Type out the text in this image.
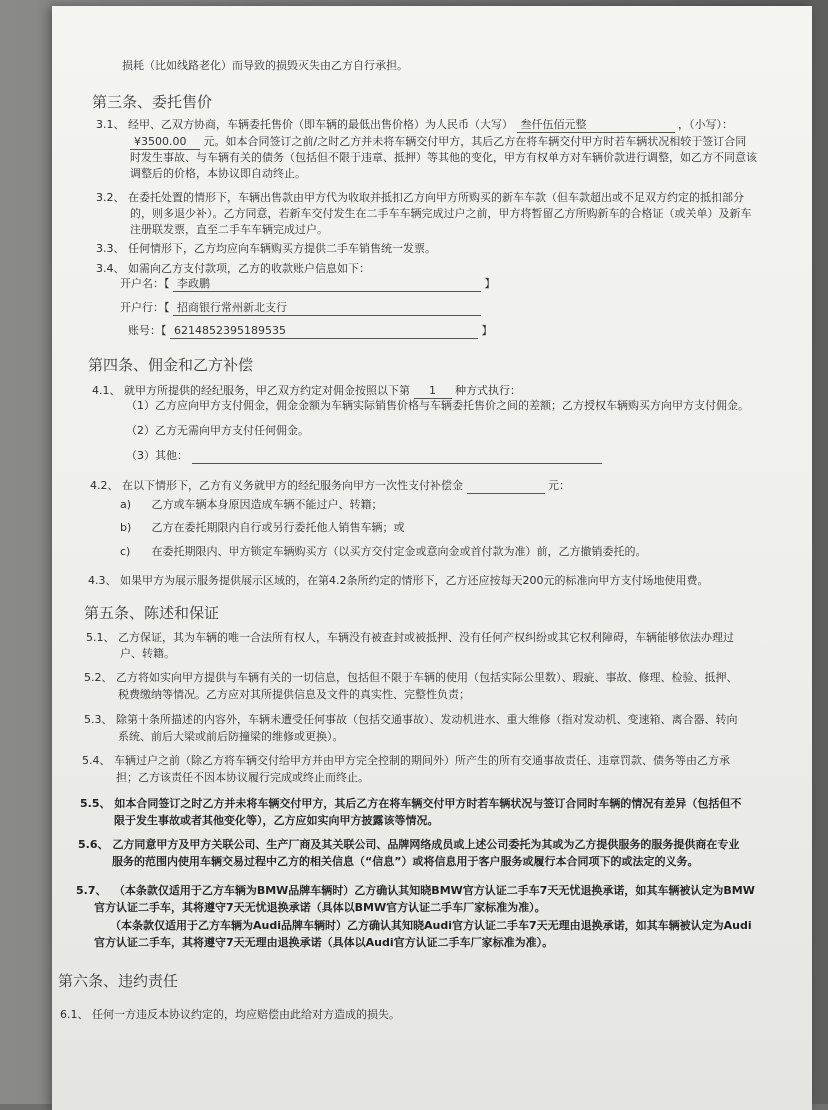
损耗（比如线路老化）而导致的损毁灭失由乙方自行承担。
第三条、委托售价
3.1、 经甲、乙双方协商，车辆委托售价（即车辆的最低出售价格）为人民币（大写） 叁仟伍佰元整	，（小写）：
¥3500.00 元。如本合同签订之前/之时乙方并未将车辆交付甲方，其后乙方在将车辆交付甲方时若车辆状况相较于签订合同
时发生事故、与车辆有关的债务（包括但不限于违章、抵押）等其他的变化，甲方有权单方对车辆价款进行调整，如乙方不同意该
调整后的价格，本协议即自动终止。
3.2、 在委托处置的情形下，车辆出售款由甲方代为收取并抵扣乙方向甲方所购买的新车车款（但车款超出或不足双方约定的抵扣部分
的，则多退少补）。乙方同意，若新车交付发生在二手车车辆完成过户之前，甲方将暂留乙方所购新车的合格证（或关单）及新车
注册联发票，直至二手车车辆完成过户。
3.3、 任何情形下，乙方均应向车辆购买方提供二手车销售统一发票。
3.4、 如需向乙方支付款项，乙方的收款账户信息如下：
开户名：【 李政鹏	】
开户行：【 招商银行常州新北支行
账号：【 6214852395189535	】
第四条、佣金和乙方补偿
4.1、 就甲方所提供的经纪服务，甲乙双方约定对佣金按照以下第 1 种方式执行：
（1）乙方应向甲方支付佣金，佣金金额为车辆实际销售价格与车辆委托售价之间的差额；乙方授权车辆购买方向甲方支付佣金。
（2）乙方无需向甲方支付任何佣金。
（3）其他：
4.2、 在以下情形下，乙方有义务就甲方的经纪服务向甲方一次性支付补偿金	元：
a) 乙方或车辆本身原因造成车辆不能过户、转籍；
b) 乙方在委托期限内自行或另行委托他人销售车辆；或
c) 在委托期限内、甲方锁定车辆购买方（以买方交付定金或意向金或首付款为准）前，乙方撤销委托的。
4.3、 如果甲方为展示服务提供展示区域的，在第4.2条所约定的情形下，乙方还应按每天200元的标准向甲方支付场地使用费。
第五条、陈述和保证
5.1、 乙方保证，其为车辆的唯一合法所有权人，车辆没有被查封或被抵押、没有任何产权纠纷或其它权利障碍，车辆能够依法办理过
户、转籍。
5.2、 乙方将如实向甲方提供与车辆有关的一切信息，包括但不限于车辆的使用（包括实际公里数）、瑕疵、事故、修理、检验、抵押、
税费缴纳等情况。乙方应对其所提供信息及文件的真实性、完整性负责；
5.3、 除第十条所描述的内容外，车辆未遭受任何事故（包括交通事故）、发动机进水、重大维修（指对发动机、变速箱、离合器、转向
系统、前后大梁或前后防撞梁的维修或更换）。
5.4、 车辆过户之前（除乙方将车辆交付给甲方并由甲方完全控制的期间外）所产生的所有交通事故责任、违章罚款、债务等由乙方承
担；乙方该责任不因本协议履行完成或终止而终止。
5.5、 如本合同签订之时乙方并未将车辆交付甲方，其后乙方在将车辆交付甲方时若车辆状况与签订合同时车辆的情况有差异（包括但不
限于发生事故或者其他变化等），乙方应如实向甲方披露该等情况。
5.6、 乙方同意甲方及甲方关联公司、生产厂商及其关联公司、品牌网络成员或上述公司委托为其或为乙方提供服务的服务提供商在专业
服务的范围内使用车辆交易过程中乙方的相关信息（“信息”）或将信息用于客户服务或履行本合同项下的或法定的义务。
5.7、 （本条款仅适用于乙方车辆为BMW品牌车辆时）乙方确认其知晓BMW官方认证二手车7天无忧退换承诺，如其车辆被认定为BMW
官方认证二手车，其将遵守7天无忧退换承诺（具体以BMW官方认证二手车厂家标准为准）。
（本条款仅适用于乙方车辆为Audi品牌车辆时）乙方确认其知晓Audi官方认证二手车7天无理由退换承诺，如其车辆被认定为Audi
官方认证二手车，其将遵守7天无理由退换承诺（具体以Audi官方认证二手车厂家标准为准）。
第六条、违约责任
6.1、 任何一方违反本协议约定的，均应赔偿由此给对方造成的损失。
